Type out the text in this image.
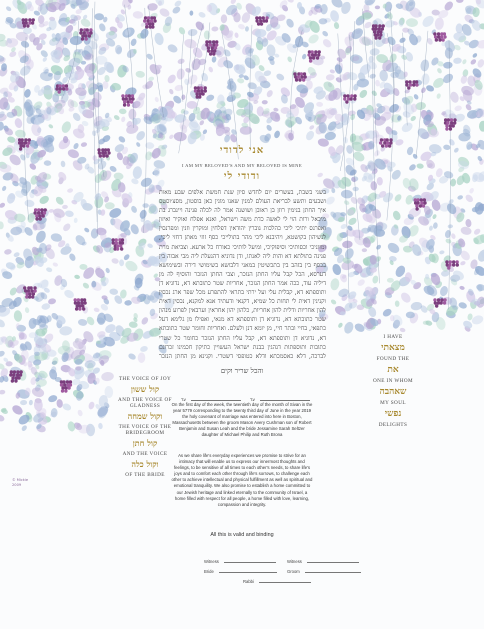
אני לדודי
I AM MY BELOVED'S AND MY BELOVED IS MINE
ודודי לי
בשני בשבת, בעשרים יום לחדש סיון שנת חמשת אלפים שבע מאות ושבעים ותשע לבריאת העולם למנין שאנו מונין כאן בוסטון, מסצ׳וסטס איך החתן בנימין רוזן בן ראובן ושושנה אמר לה לכלה פנינה ויינברג בת מיכאל ורות הוי לי לאשה כדת משה וישראל, ואנא אפלח ואוקיר ואיזון ואפרנס יתיכי ליכי כהלכות גוברין יהודאין דפלחין ומוקרין וזנין ומפרנסין לנשיהון בקושטא, ויהיבנא ליכי מהר בתולייכי כסף זוזי מאתן דחזי ליכי, ומזוניכי וכסותיכי וסיפוקיכי, ומיעל לותיכי כאורח כל ארעא. וצביאת מרת פנינה בתולתא דא והות ליה לאנתו, ודן נדוניא דהנעלת ליה מבי אבוה בין בכסף בין בזהב בין בתכשיטין במאני דלבושא בשימושי דירה ובשימושא דערסא, הכל קבל עליו החתן הנזכר, וצבי החתן הנזכר והוסיף לה מן דיליה עוד, ככה אמר החתן הנזכר, אחריות שטר כתובתא דא, נדוניא דן ותוספתא דא, קבלית עלי ועל ירתי בתראי להתפרע מכל שפר ארג נכסין וקנינין דאית לי תחות כל שמיא, דקנאי ודעתיד אנא למקנא, נכסין דאית להון אחריות ודלית להון אחריות, כלהון יהון אחראין וערבאין לפרוע מנהון שטר כתובתא דא, נדוניא דן ותוספתא דא מנאי, ואפילו מן גלימא דעל כתפאי, בחיי ובתר חיי, מן יומא דנן ולעלם. ואחריות וחומר שטר כתובתא דא, נדוניא דן ותוספתא דא, קבל עליו החתן הנזכר כחומר כל שטרי כתובות ותוספתות דנהגין בבנת ישראל העשויין כתיקון חכמינו זכרונם לברכה, דלא כאסמכתא ודלא כטופסי דשטרי. וקנינא מן החתן הנזכר
והכל שריר וקים
עד	עד
On the first day of the week, the twentieth day of the month of Sivan in the year 5779 corresponding to the twenty third day of June in the year 2019 the holy covenant of marriage was entered into here in Boston, Massachusetts between the groom Mason Avery Cushman son of Robert Benjamin and Susan Leah and the bride Jessamine Sarah Seltzer daughter of Michael Philip and Ruth Brona
As we share life's everyday experiences we promise to strive for an intimacy that will enable us to express our innermost thoughts and feelings, to be sensitive of all times to each other's needs, to share life's joys and to comfort each other through life's sorrows, to challenge each other to achieve intellectual and physical fulfillment as well as spiritual and emotional tranquility. We also promise to establish a home committed to our Jewish heritage and linked eternally to the community of Israel, a home filled with respect for all people, a home filled with love, learning, compassion and integrity.
All this is valid and binding
Witness	Witness
Bride	Groom
Rabbi
THE VOICE OF JOY
קול ששון
AND THE VOICE OF GLADNESS
וקול שמחה
THE VOICE OF THE BRIDEGROOM
קול חתן
AND THE VOICE
וקול כלה
OF THE BRIDE
I HAVE
מצאתי
FOUND THE
את
ONE IN WHOM
שאהבה
MY SOUL
נפשי
DELIGHTS
© Mickie 2009
